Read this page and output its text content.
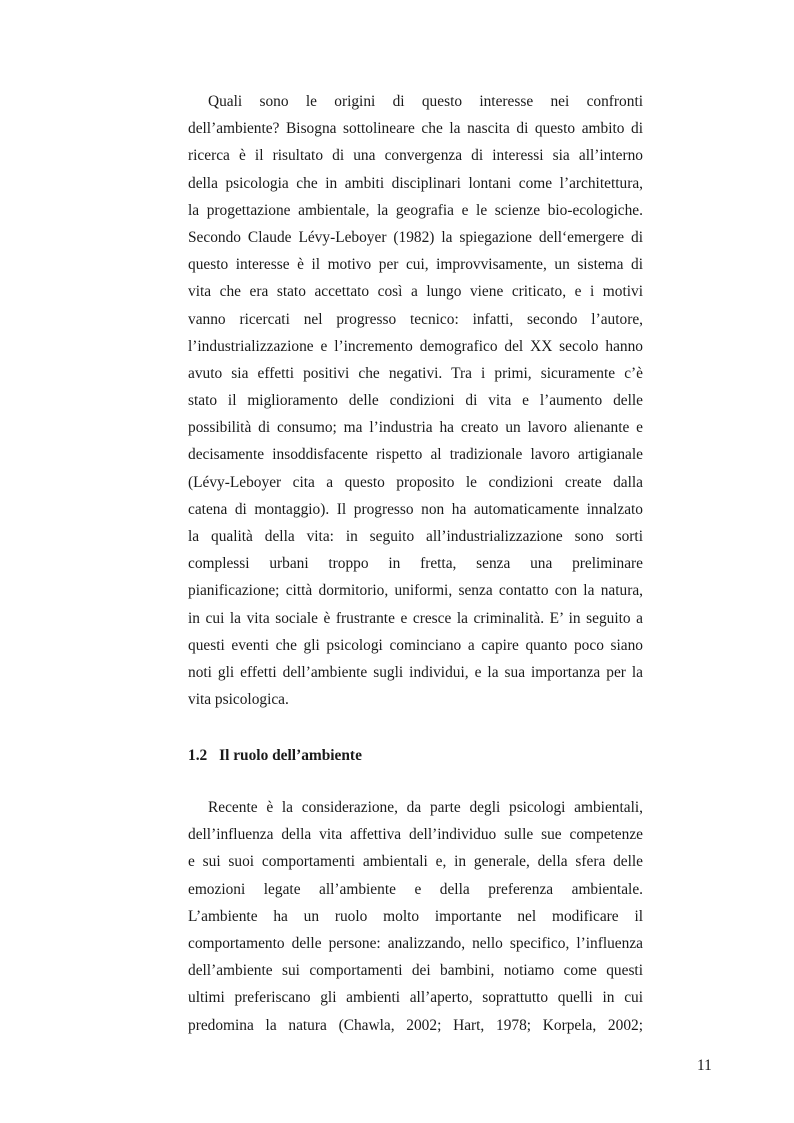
Quali sono le origini di questo interesse nei confronti
dell’ambiente? Bisogna sottolineare che la nascita di questo ambito di
ricerca è il risultato di una convergenza di interessi sia all’interno
della psicologia che in ambiti disciplinari lontani come l’architettura,
la progettazione ambientale, la geografia e le scienze bio-ecologiche.
Secondo Claude Lévy-Leboyer (1982) la spiegazione dell‘emergere di
questo interesse è il motivo per cui, improvvisamente, un sistema di
vita che era stato accettato così a lungo viene criticato, e i motivi
vanno ricercati nel progresso tecnico: infatti, secondo l’autore,
l’industrializzazione e l’incremento demografico del XX secolo hanno
avuto sia effetti positivi che negativi. Tra i primi, sicuramente c’è
stato il miglioramento delle condizioni di vita e l’aumento delle
possibilità di consumo; ma l’industria ha creato un lavoro alienante e
decisamente insoddisfacente rispetto al tradizionale lavoro artigianale
(Lévy-Leboyer cita a questo proposito le condizioni create dalla
catena di montaggio). Il progresso non ha automaticamente innalzato
la qualità della vita: in seguito all’industrializzazione sono sorti
complessi urbani troppo in fretta, senza una preliminare
pianificazione; città dormitorio, uniformi, senza contatto con la natura,
in cui la vita sociale è frustrante e cresce la criminalità. E’ in seguito a
questi eventi che gli psicologi cominciano a capire quanto poco siano
noti gli effetti dell’ambiente sugli individui, e la sua importanza per la
vita psicologica.
1.2 Il ruolo dell’ambiente
Recente è la considerazione, da parte degli psicologi ambientali,
dell’influenza della vita affettiva dell’individuo sulle sue competenze
e sui suoi comportamenti ambientali e, in generale, della sfera delle
emozioni legate all’ambiente e della preferenza ambientale.
L’ambiente ha un ruolo molto importante nel modificare il
comportamento delle persone: analizzando, nello specifico, l’influenza
dell’ambiente sui comportamenti dei bambini, notiamo come questi
ultimi preferiscano gli ambienti all’aperto, soprattutto quelli in cui
predomina la natura (Chawla, 2002; Hart, 1978; Korpela, 2002;
11
